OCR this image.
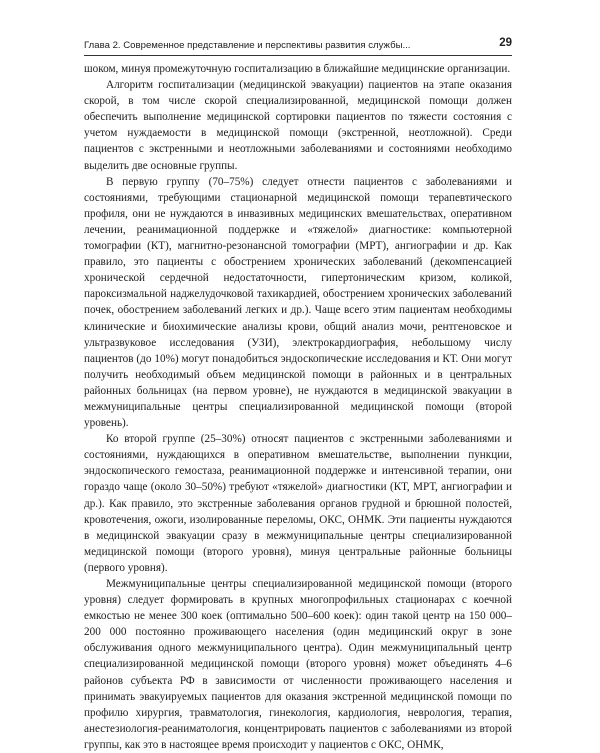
Глава 2. Современное представление и перспективы развития службы...	29

шоком, минуя промежуточную госпитализацию в ближайшие медицинские организации.

Алгоритм госпитализации (медицинской эвакуации) пациентов на этапе оказания скорой, в том числе скорой специализированной, медицинской помощи должен обеспечить выполнение медицинской сортировки пациентов по тяжести состояния с учетом нуждаемости в медицинской помощи (экстренной, неотложной). Среди пациентов с экстренными и неотложными заболеваниями и состояниями необходимо выделить две основные группы.

В первую группу (70–75%) следует отнести пациентов с заболеваниями и состояниями, требующими стационарной медицинской помощи терапевтического профиля, они не нуждаются в инвазивных медицинских вмешательствах, оперативном лечении, реанимационной поддержке и «тяжелой» диагностике: компьютерной томографии (КТ), магнитно-резонансной томографии (МРТ), ангиографии и др. Как правило, это пациенты с обострением хронических заболеваний (декомпенсацией хронической сердечной недостаточности, гипертоническим кризом, коликой, пароксизмальной наджелудочковой тахикардией, обострением хронических заболеваний почек, обострением заболеваний легких и др.). Чаще всего этим пациентам необходимы клинические и биохимические анализы крови, общий анализ мочи, рентгеновское и ультразвуковое исследования (УЗИ), электрокардиография, небольшому числу пациентов (до 10%) могут понадобиться эндоскопические исследования и КТ. Они могут получить необходимый объем медицинской помощи в районных и в центральных районных больницах (на первом уровне), не нуждаются в медицинской эвакуации в межмуниципальные центры специализированной медицинской помощи (второй уровень).

Ко второй группе (25–30%) относят пациентов с экстренными заболеваниями и состояниями, нуждающихся в оперативном вмешательстве, выполнении пункции, эндоскопического гемостаза, реанимационной поддержке и интенсивной терапии, они гораздо чаще (около 30–50%) требуют «тяжелой» диагностики (КТ, МРТ, ангиографии и др.). Как правило, это экстренные заболевания органов грудной и брюшной полостей, кровотечения, ожоги, изолированные переломы, ОКС, ОНМК. Эти пациенты нуждаются в медицинской эвакуации сразу в межмуниципальные центры специализированной медицинской помощи (второго уровня), минуя центральные районные больницы (первого уровня).

Межмуниципальные центры специализированной медицинской помощи (второго уровня) следует формировать в крупных многопрофильных стационарах с коечной емкостью не менее 300 коек (оптимально 500–600 коек): один такой центр на 150 000–200 000 постоянно проживающего населения (один медицинский округ в зоне обслуживания одного межмуниципального центра). Один межмуниципальный центр специализированной медицинской помощи (второго уровня) может объединять 4–6 районов субъекта РФ в зависимости от численности проживающего населения и принимать эвакуируемых пациентов для оказания экстренной медицинской помощи по профилю хирургия, травматология, гинекология, кардиология, неврология, терапия, анестезиология-реаниматология, концентрировать пациентов с заболеваниями из второй группы, как это в настоящее время происходит у пациентов с ОКС, ОНМК,
